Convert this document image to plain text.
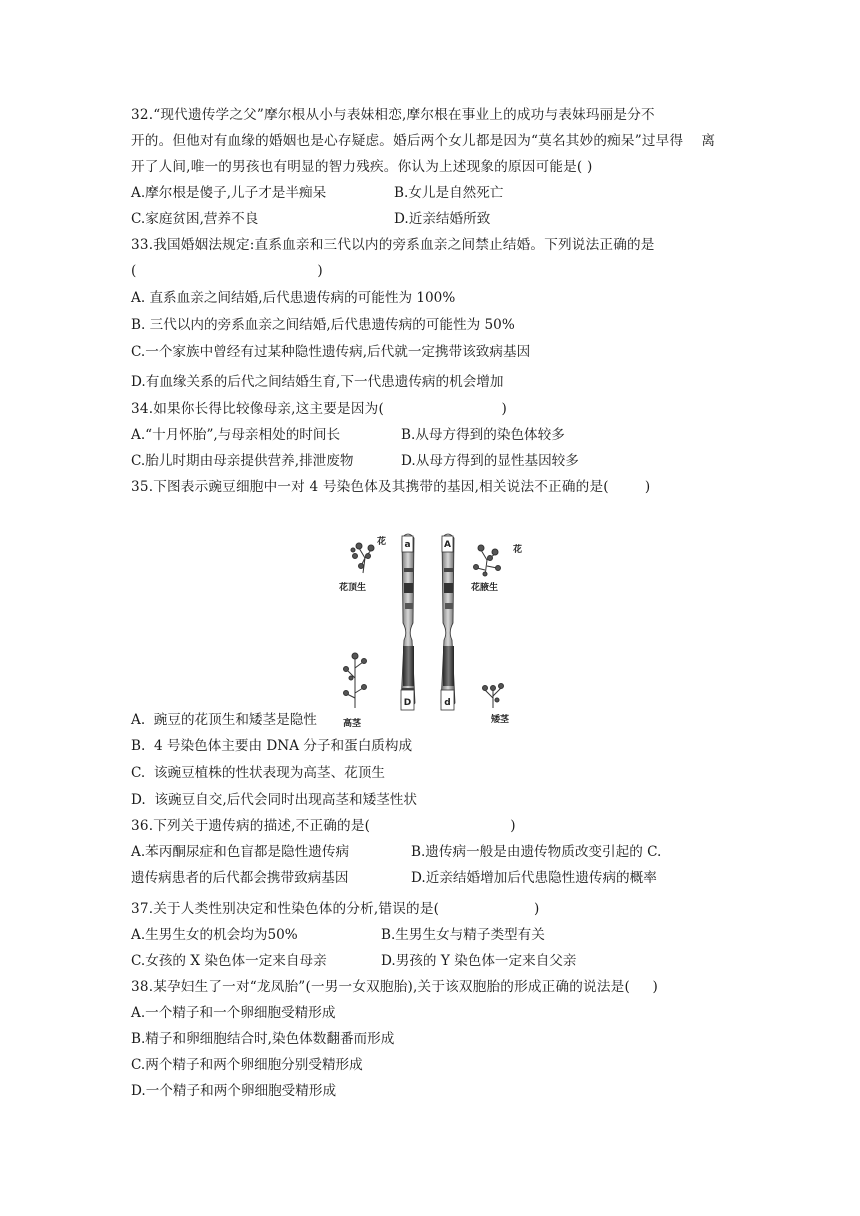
32.“现代遗传学之父”摩尔根从小与表妹相恋,摩尔根在事业上的成功与表妹玛丽是分不
开的。但他对有血缘的婚姻也是心存疑虑。婚后两个女儿都是因为“莫名其妙的痴呆”过早得    离
开了人间,唯一的男孩也有明显的智力残疾。你认为上述现象的原因可能是( )
A.摩尔根是傻子,儿子才是半痴呆	B.女儿是自然死亡
C.家庭贫困,营养不良	D.近亲结婚所致
33.我国婚姻法规定:直系血亲和三代以内的旁系血亲之间禁止结婚。下列说法正确的是
(                                        )
A. 直系血亲之间结婚,后代患遗传病的可能性为 100%
B. 三代以内的旁系血亲之间结婚,后代患遗传病的可能性为 50%
C.一个家族中曾经有过某种隐性遗传病,后代就一定携带该致病基因
D.有血缘关系的后代之间结婚生育,下一代患遗传病的机会增加
34.如果你长得比较像母亲,这主要是因为(                          )
A.“十月怀胎”,与母亲相处的时间长	B.从母方得到的染色体较多
C.胎儿时期由母亲提供营养,排泄废物	D.从母方得到的显性基因较多
35.下图表示豌豆细胞中一对 4 号染色体及其携带的基因,相关说法不正确的是(        )
a	A
D	d
花
花
花顶生	花腋生
高茎	矮茎
A.  豌豆的花顶生和矮茎是隐性
B.  4 号染色体主要由 DNA 分子和蛋白质构成
C.  该豌豆植株的性状表现为高茎、花顶生
D.  该豌豆自交,后代会同时出现高茎和矮茎性状
36.下列关于遗传病的描述,不正确的是(                               )
A.苯丙酮尿症和色盲都是隐性遗传病	B.遗传病一般是由遗传物质改变引起的 C.
遗传病患者的后代都会携带致病基因	D.近亲结婚增加后代患隐性遗传病的概率
37.关于人类性别决定和性染色体的分析,错误的是(                     )
A.生男生女的机会均为50%	B.生男生女与精子类型有关
C.女孩的 X 染色体一定来自母亲	D.男孩的 Y 染色体一定来自父亲
38.某孕妇生了一对“龙凤胎”(一男一女双胞胎),关于该双胞胎的形成正确的说法是(     )
A.一个精子和一个卵细胞受精形成
B.精子和卵细胞结合时,染色体数翻番而形成
C.两个精子和两个卵细胞分别受精形成
D.一个精子和两个卵细胞受精形成
